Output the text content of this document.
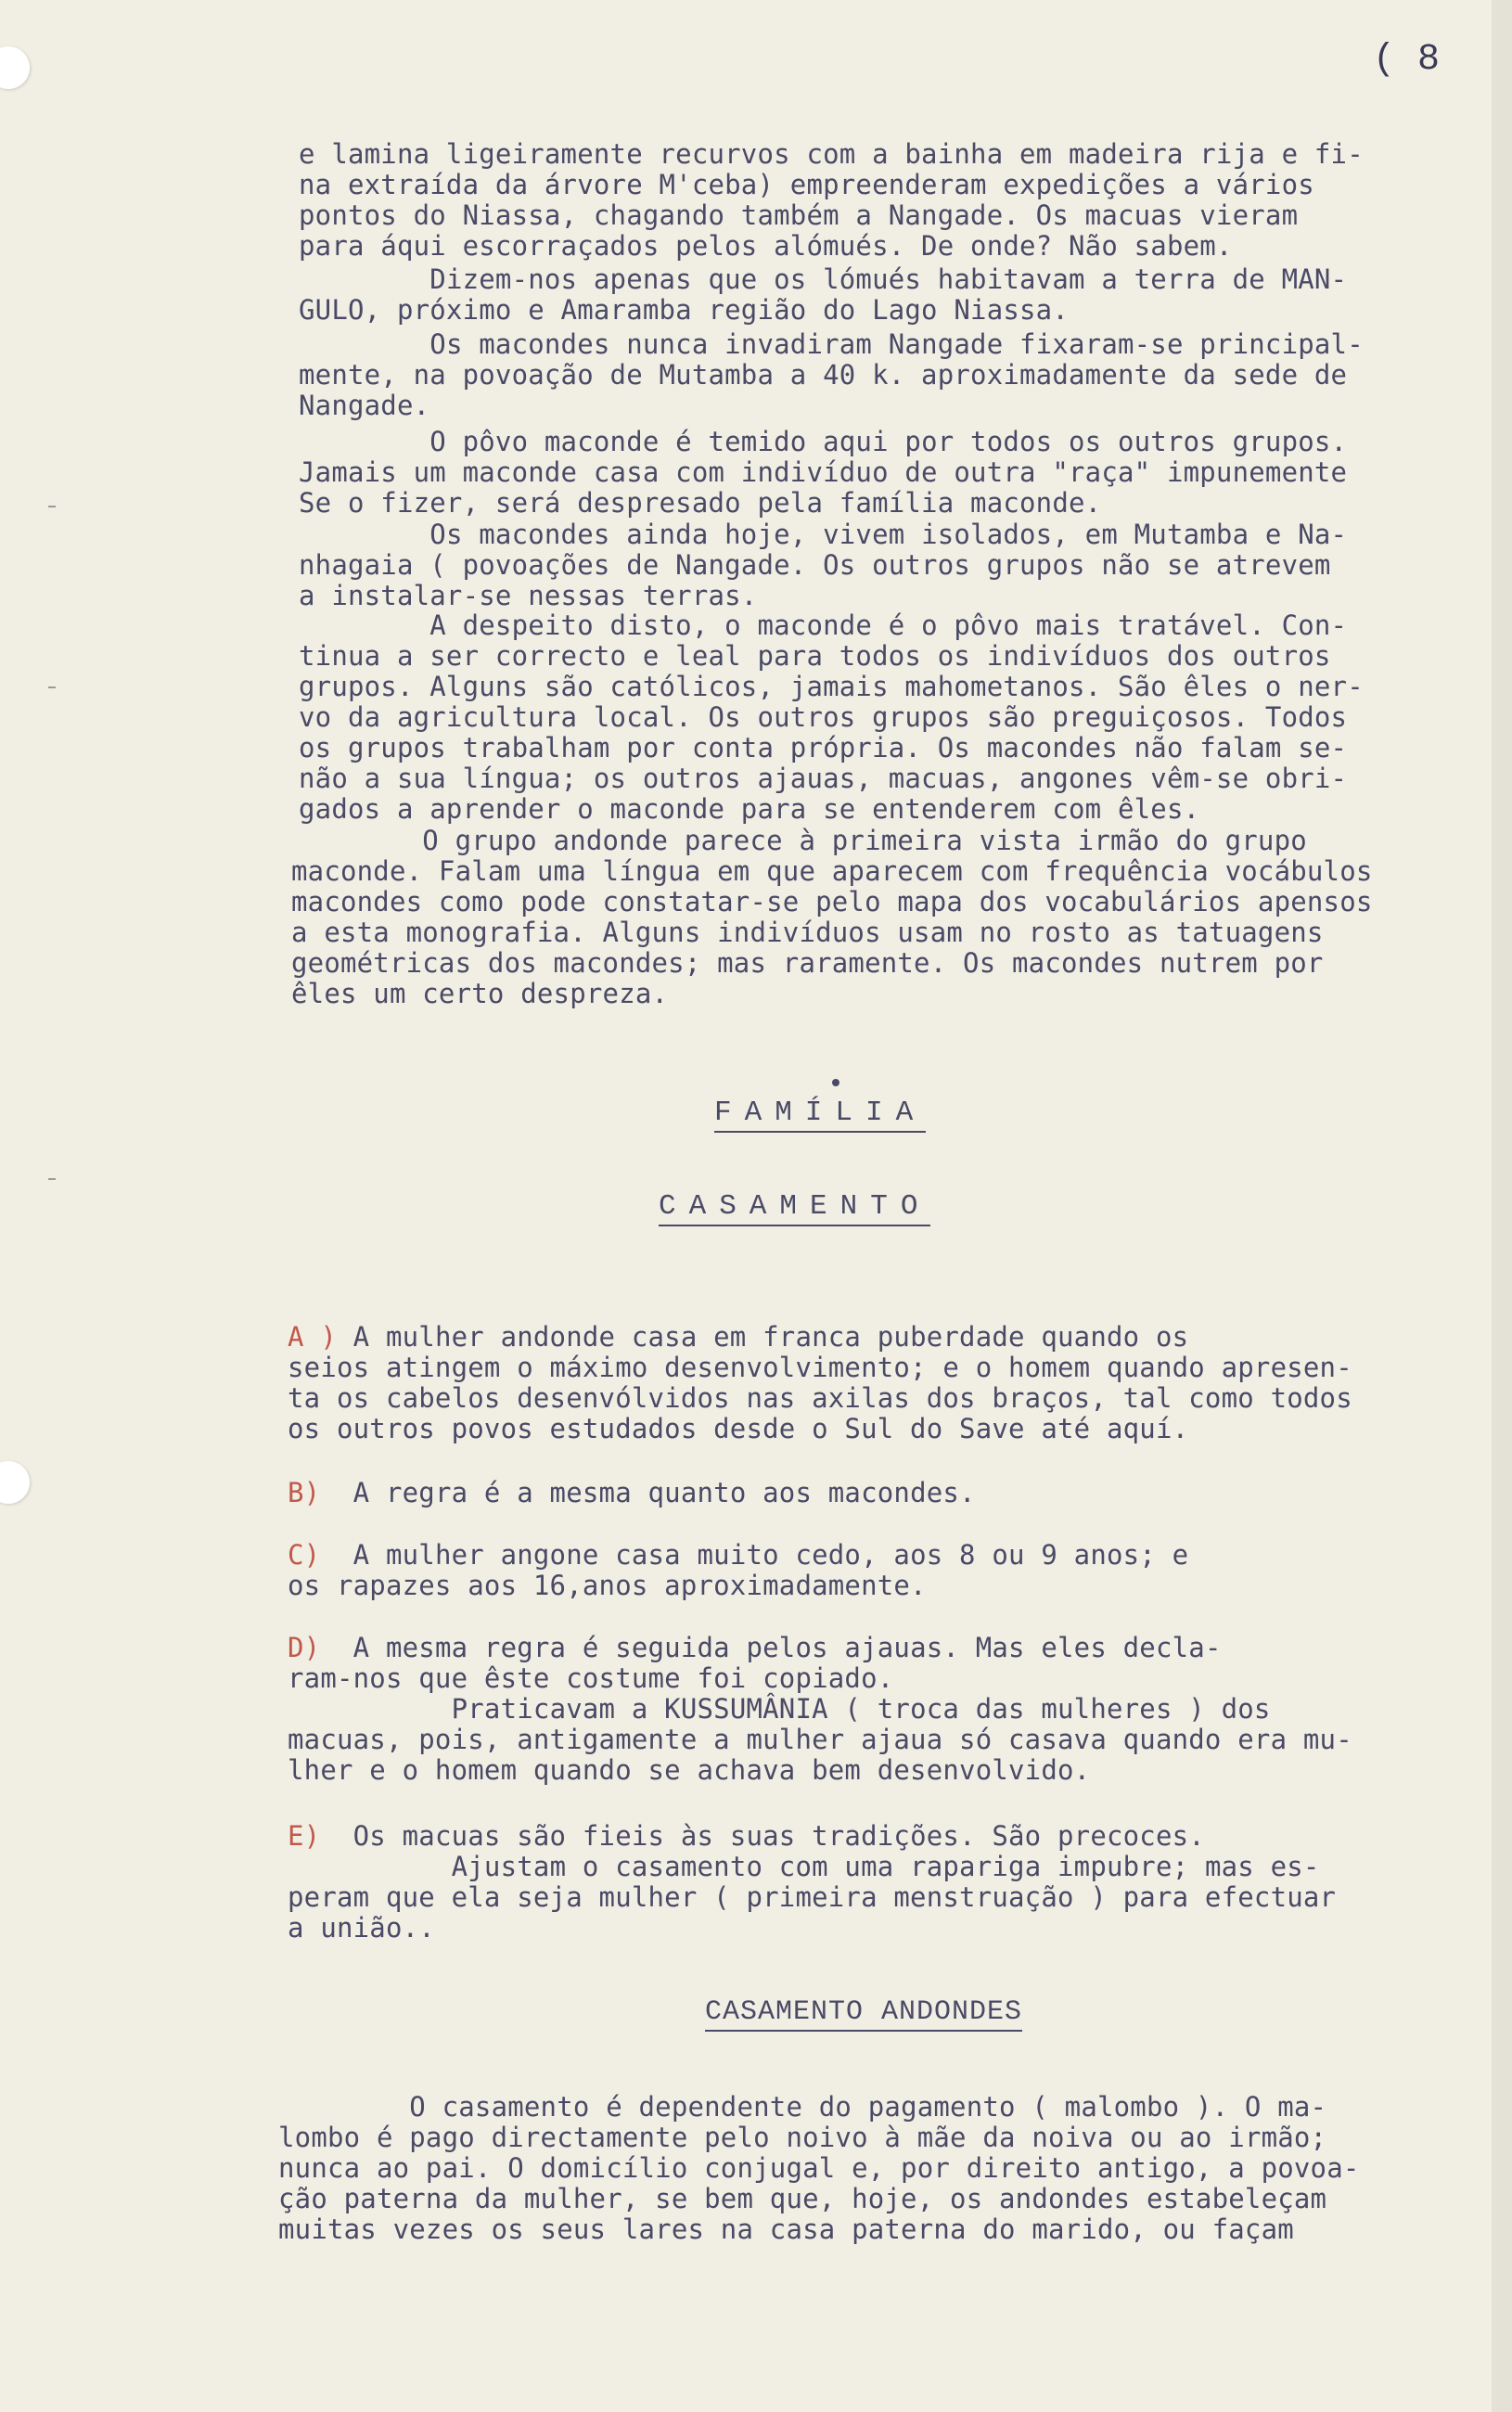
( 8
e lamina ligeiramente recurvos com a bainha em madeira rija e fi-
na extraída da árvore M'ceba) empreenderam expedições a vários
pontos do Niassa, chagando também a Nangade. Os macuas vieram
para áqui escorraçados pelos alómués. De onde? Não sabem.
Dizem-nos apenas que os lómués habitavam a terra de MAN-
GULO, próximo e Amaramba região do Lago Niassa.
Os macondes nunca invadiram Nangade fixaram-se principal-
mente, na povoação de Mutamba a 40 k. aproximadamente da sede de
Nangade.
O pôvo maconde é temido aqui por todos os outros grupos.
Jamais um maconde casa com indivíduo de outra "raça" impunemente
Se o fizer, será despresado pela família maconde.
Os macondes ainda hoje, vivem isolados, em Mutamba e Na-
nhagaia ( povoações de Nangade. Os outros grupos não se atrevem
a instalar-se nessas terras.
A despeito disto, o maconde é o pôvo mais tratável. Con-
tinua a ser correcto e leal para todos os indivíduos dos outros
grupos. Alguns são católicos, jamais mahometanos. São êles o ner-
vo da agricultura local. Os outros grupos são preguiçosos. Todos
os grupos trabalham por conta própria. Os macondes não falam se-
não a sua língua; os outros ajauas, macuas, angones vêm-se obri-
gados a aprender o maconde para se entenderem com êles.
O grupo andonde parece à primeira vista irmão do grupo
maconde. Falam uma língua em que aparecem com frequência vocábulos
macondes como pode constatar-se pelo mapa dos vocabulários apensos
a esta monografia. Alguns indivíduos usam no rosto as tatuagens
geométricas dos macondes; mas raramente. Os macondes nutrem por
êles um certo despreza.
FAMÍLIA
CASAMENTO
A ) A mulher andonde casa em franca puberdade quando os
seios atingem o máximo desenvolvimento; e o homem quando apresen-
ta os cabelos desenvólvidos nas axilas dos braços, tal como todos
os outros povos estudados desde o Sul do Save até aquí.
B)  A regra é a mesma quanto aos macondes.
C)  A mulher angone casa muito cedo, aos 8 ou 9 anos; e
os rapazes aos 16,anos aproximadamente.
D)  A mesma regra é seguida pelos ajauas. Mas eles decla-
ram-nos que êste costume foi copiado.
Praticavam a KUSSUMÂNIA ( troca das mulheres ) dos
macuas, pois, antigamente a mulher ajaua só casava quando era mu-
lher e o homem quando se achava bem desenvolvido.
E)  Os macuas são fieis às suas tradições. São precoces.
Ajustam o casamento com uma rapariga impubre; mas es-
peram que ela seja mulher ( primeira menstruação ) para efectuar
a união..
CASAMENTO ANDONDES
O casamento é dependente do pagamento ( malombo ). O ma-
lombo é pago directamente pelo noivo à mãe da noiva ou ao irmão;
nunca ao pai. O domicílio conjugal e, por direito antigo, a povoa-
ção paterna da mulher, se bem que, hoje, os andondes estabeleçam
muitas vezes os seus lares na casa paterna do marido, ou façam
